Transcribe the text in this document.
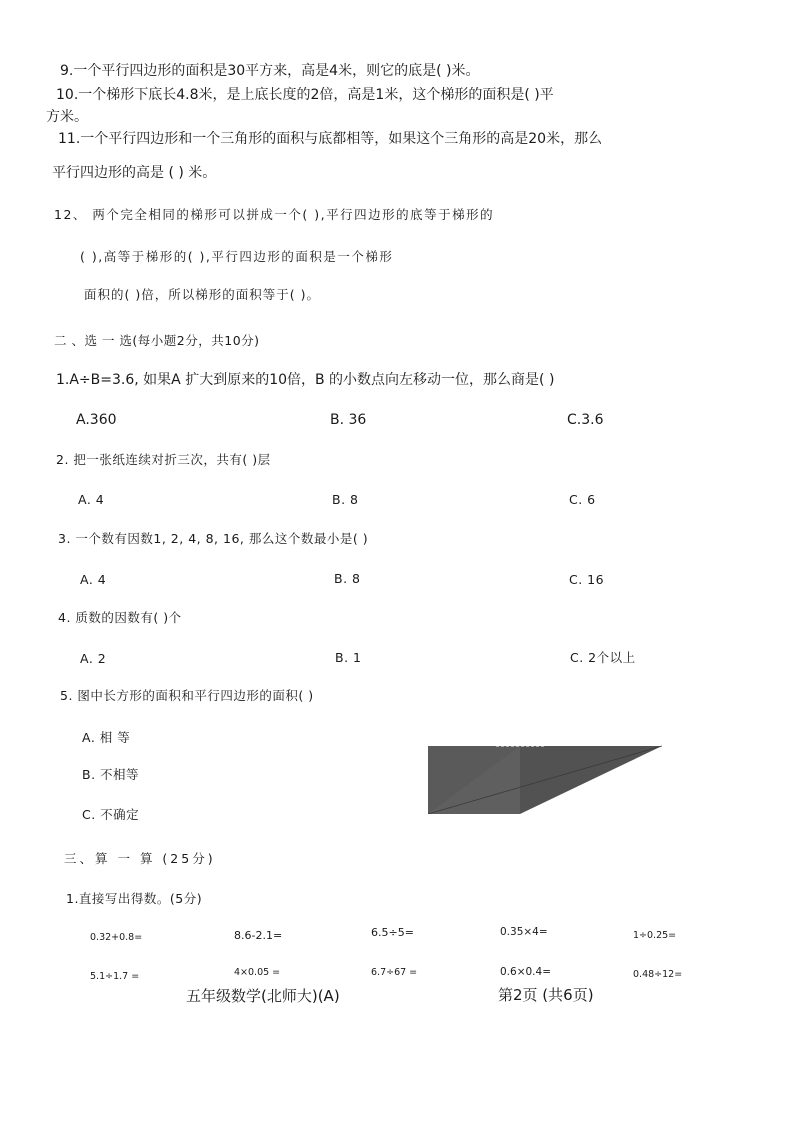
9.一个平行四边形的面积是30平方来，高是4米，则它的底是( )米。
10.一个梯形下底长4.8米，是上底长度的2倍，高是1米，这个梯形的面积是( )平
方米。
11.一个平行四边形和一个三角形的面积与底都相等，如果这个三角形的高是20米，那么
平行四边形的高是 ( ) 米。
12、 两个完全相同的梯形可以拼成一个( ),平行四边形的底等于梯形的
( ),高等于梯形的( ),平行四边形的面积是一个梯形
面积的( )倍，所以梯形的面积等于( )。
二 、选 一 选(每小题2分，共10分)
1.A÷B=3.6, 如果A 扩大到原来的10倍，B 的小数点向左移动一位，那么商是( )
A.360	B. 36	C.3.6
2. 把一张纸连续对折三次，共有( )层
A. 4	B. 8	C. 6
3. 一个数有因数1, 2, 4, 8, 16, 那么这个数最小是( )
A. 4	B. 8	C. 16
4. 质数的因数有( )个
A. 2	B. 1	C. 2个以上
5. 图中长方形的面积和平行四边形的面积( )
A. 相 等
B. 不相等
C. 不确定
三、算 一 算 (25分)
1.直接写出得数。(5分)
0.32+0.8=	8.6-2.1=	6.5÷5=	0.35×4=	1÷0.25=
5.1÷1.7 =	4×0.05 =	6.7÷67 =	0.6×0.4=	0.48÷12=
五年级数学(北师大)(A)	第2页 (共6页)
